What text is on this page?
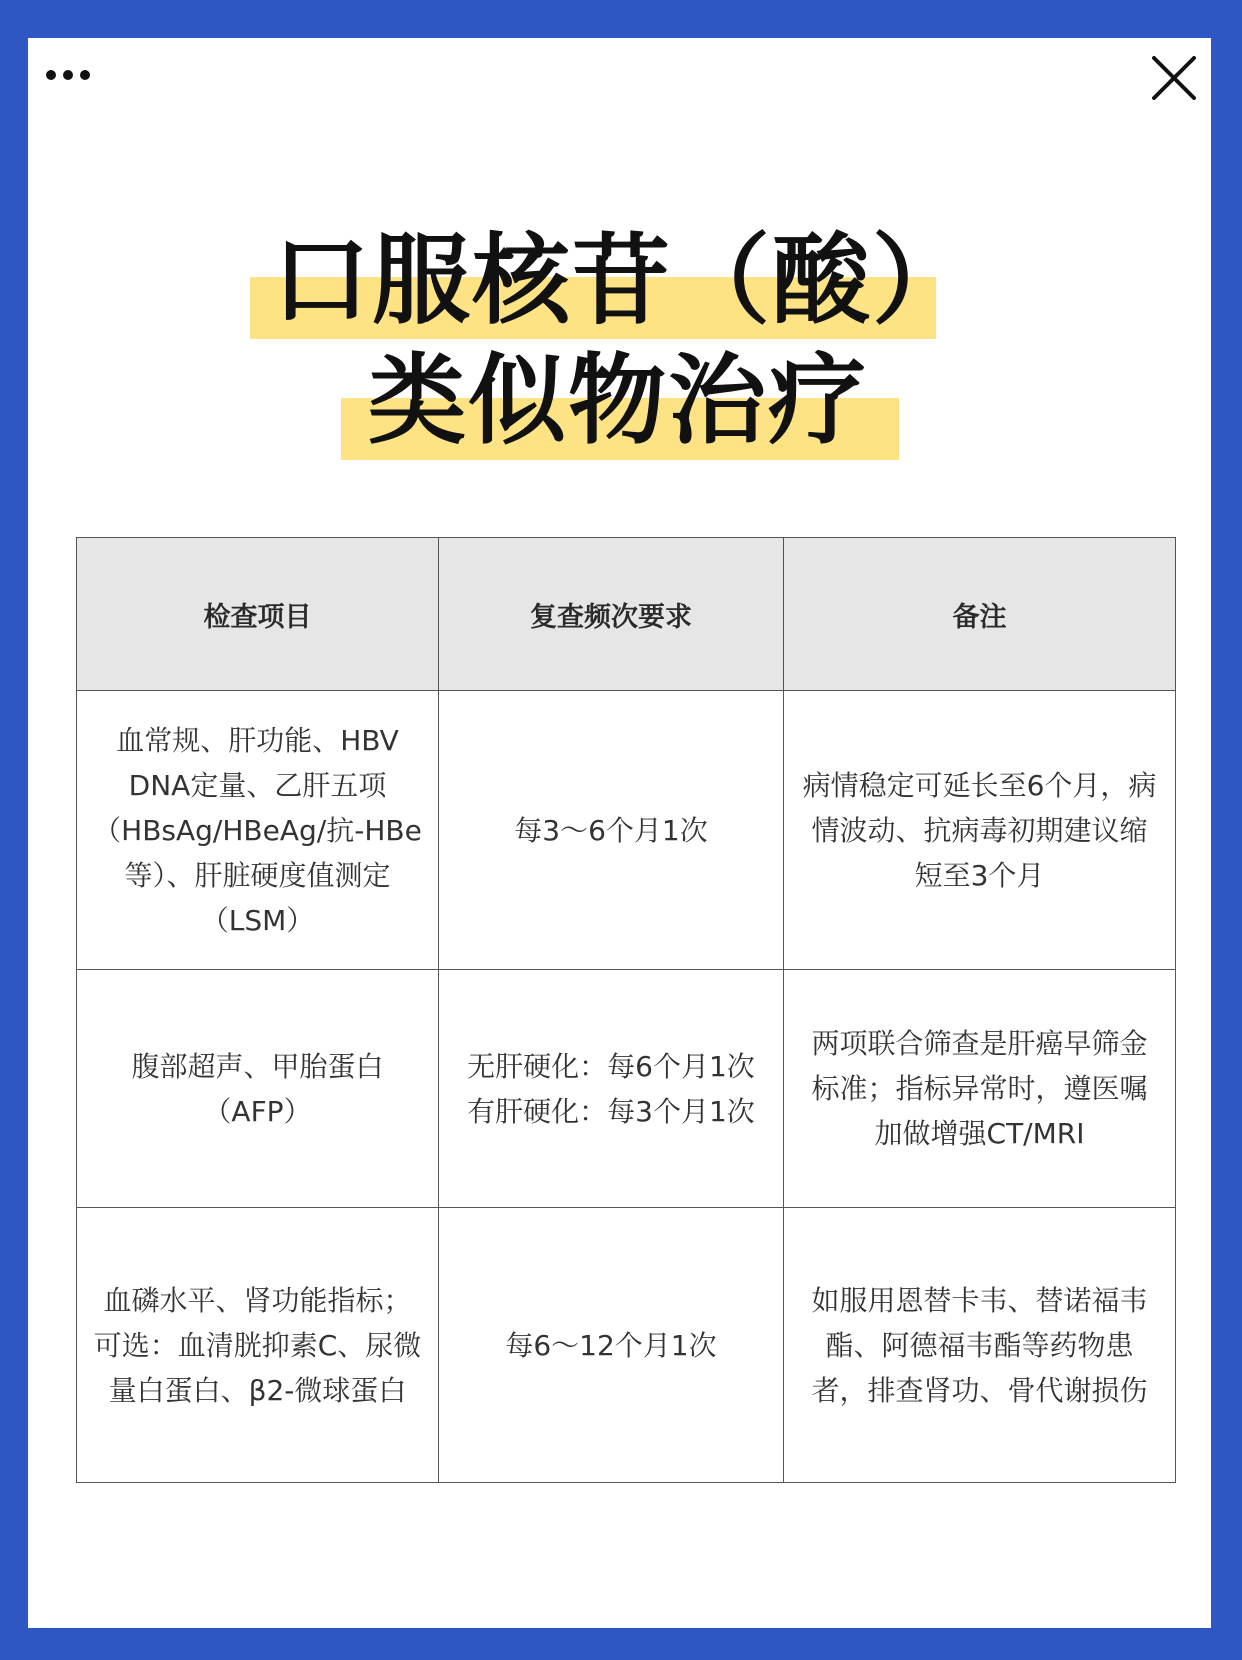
口服核苷（酸）
类似物治疗
检查项目	复查频次要求	备注

血常规、肝功能、HBV
DNA定量、乙肝五项
（HBsAg/HBeAg/抗-HBe
等）、肝脏硬度值测定
（LSM）	每3～6个月1次	病情稳定可延长至6个月，病
情波动、抗病毒初期建议缩
短至3个月

腹部超声、甲胎蛋白
（AFP）	无肝硬化：每6个月1次
有肝硬化：每3个月1次	两项联合筛查是肝癌早筛金
标准；指标异常时，遵医嘱
加做增强CT/MRI

血磷水平、肾功能指标；
可选：血清胱抑素C、尿微
量白蛋白、β2-微球蛋白	每6～12个月1次	如服用恩替卡韦、替诺福韦
酯、阿德福韦酯等药物患
者，排查肾功、骨代谢损伤
